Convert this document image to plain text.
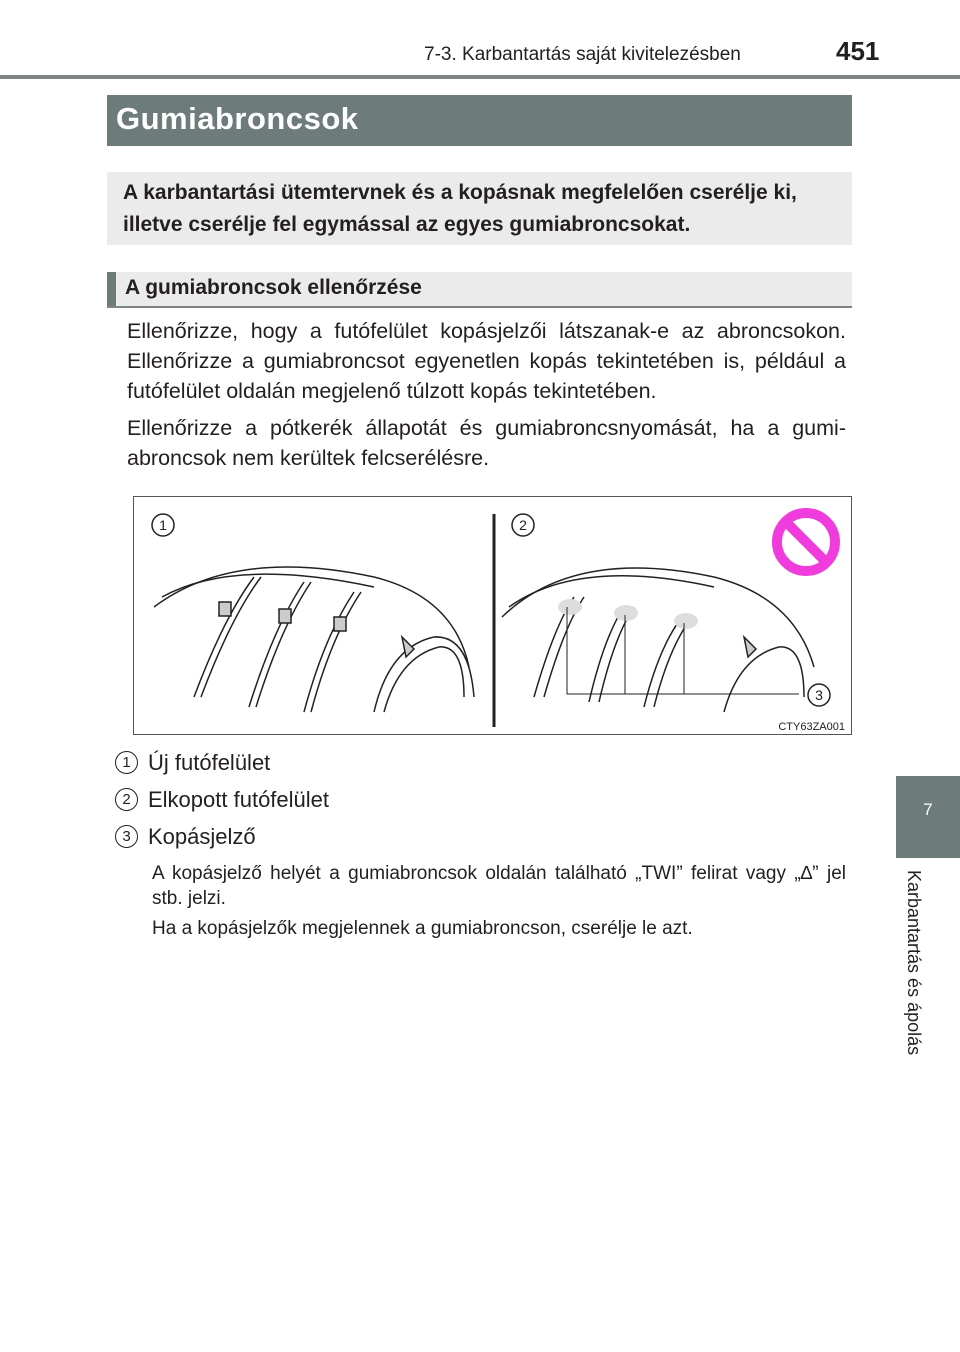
7-3. Karbantartás saját kivitelezésben	451
Gumiabroncsok
A karbantartási ütemtervnek és a kopásnak megfelelően cserélje ki, illetve cserélje fel egymással az egyes gumiabroncsokat.
A gumiabroncsok ellenőrzése
Ellenőrizze, hogy a futófelület kopásjelzői látszanak-e az abroncsokon. Ellenőrizze a gumiabroncsot egyenetlen kopás tekintetében is, például a futófelület oldalán megjelenő túlzott kopás tekintetében.
Ellenőrizze a pótkerék állapotát és gumiabroncsnyomását, ha a gumiabroncsok nem kerültek felcserélésre.
1	2
3
CTY63ZA001
1 Új futófelület
2 Elkopott futófelület
3 Kopásjelző
A kopásjelző helyét a gumiabroncsok oldalán található „TWI” felirat vagy „∆” jel stb. jelzi.
Ha a kopásjelzők megjelennek a gumiabroncson, cserélje le azt.
7
Karbantartás és ápolás
